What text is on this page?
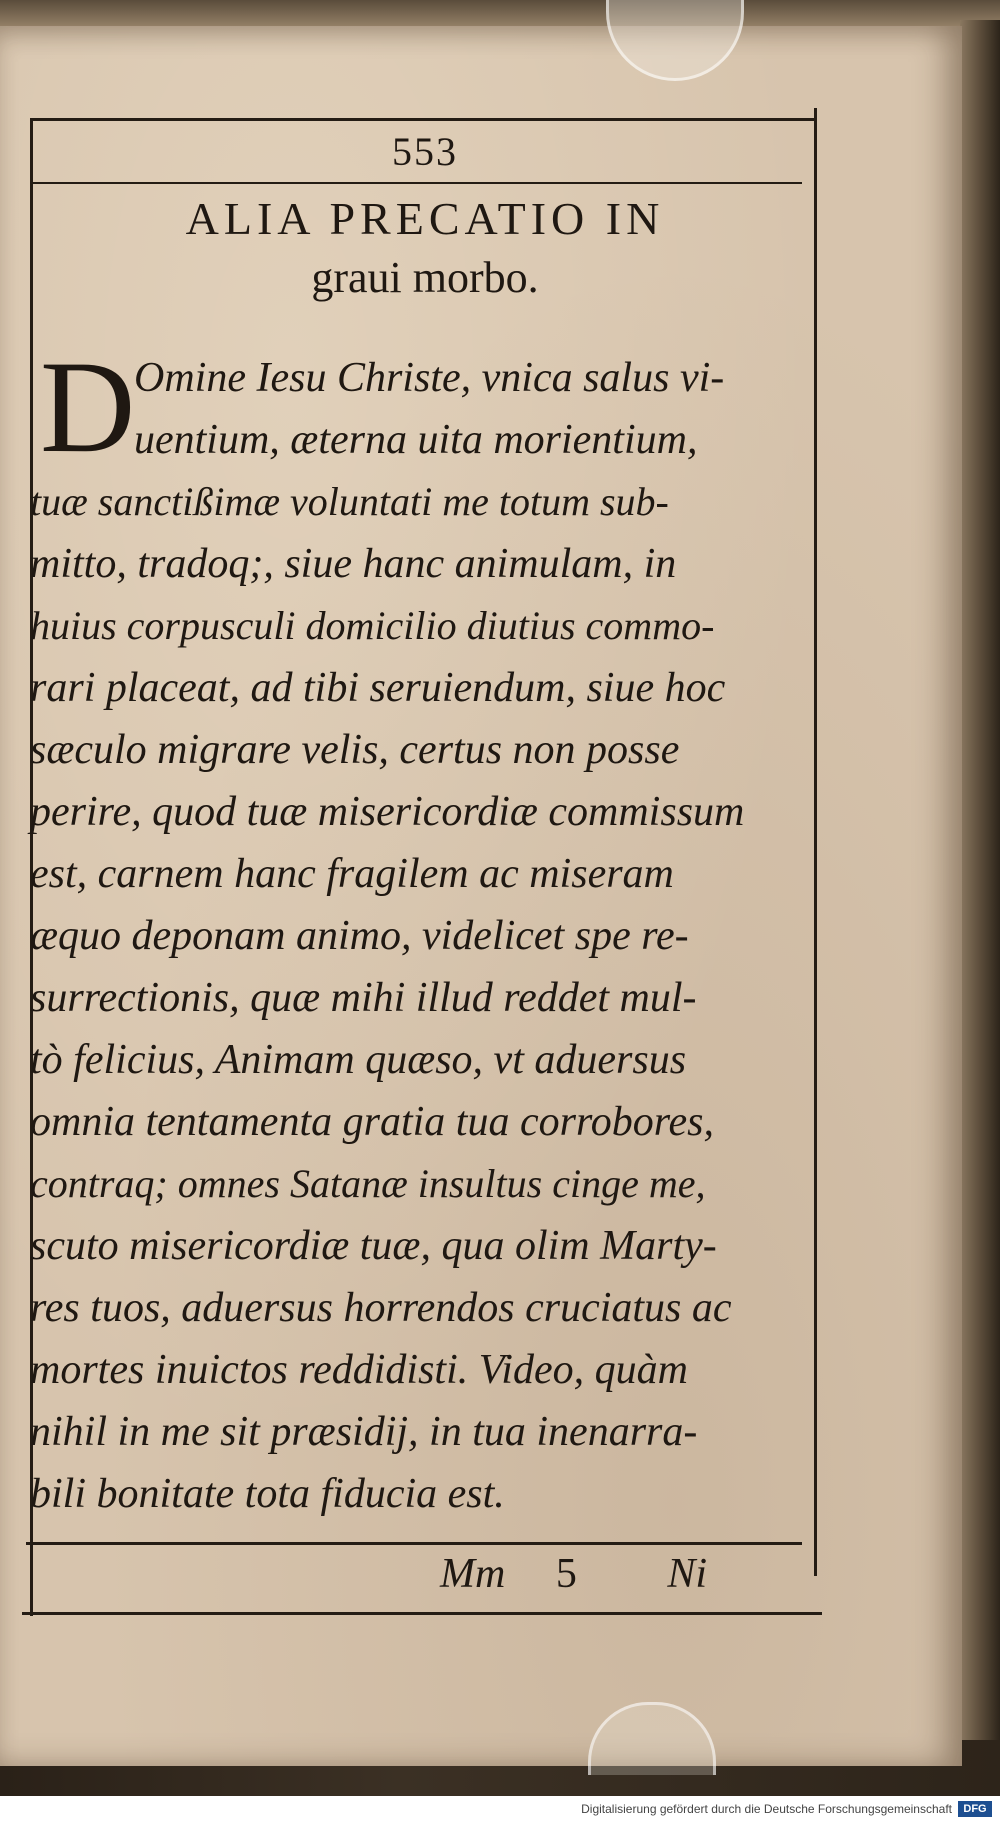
553
ALIA PRECATIO IN
graui morbo.
D
Omine Iesu Christe, vnica salus vi-
uentium, æterna uita morientium,
tuæ sanctißimæ voluntati me totum sub-
mitto, tradoq;, siue hanc animulam, in
huius corpusculi domicilio diutius commo-
rari placeat, ad tibi seruiendum, siue hoc
sæculo migrare velis, certus non posse
perire, quod tuæ misericordiæ commissum
est, carnem hanc fragilem ac miseram
æquo deponam animo, videlicet spe re-
surrectionis, quæ mihi illud reddet mul-
tò felicius, Animam quæso, vt aduersus
omnia tentamenta gratia tua corrobores,
contraq; omnes Satanæ insultus cinge me,
scuto misericordiæ tuæ, qua olim Marty-
res tuos, aduersus horrendos cruciatus ac
mortes inuictos reddidisti. Video, quàm
nihil in me sit præsidij, in tua inenarra-
bili bonitate tota fiducia est.
Mm 5 Ni
Digitalisierung gefördert durch die Deutsche Forschungsgemeinschaft	DFG
